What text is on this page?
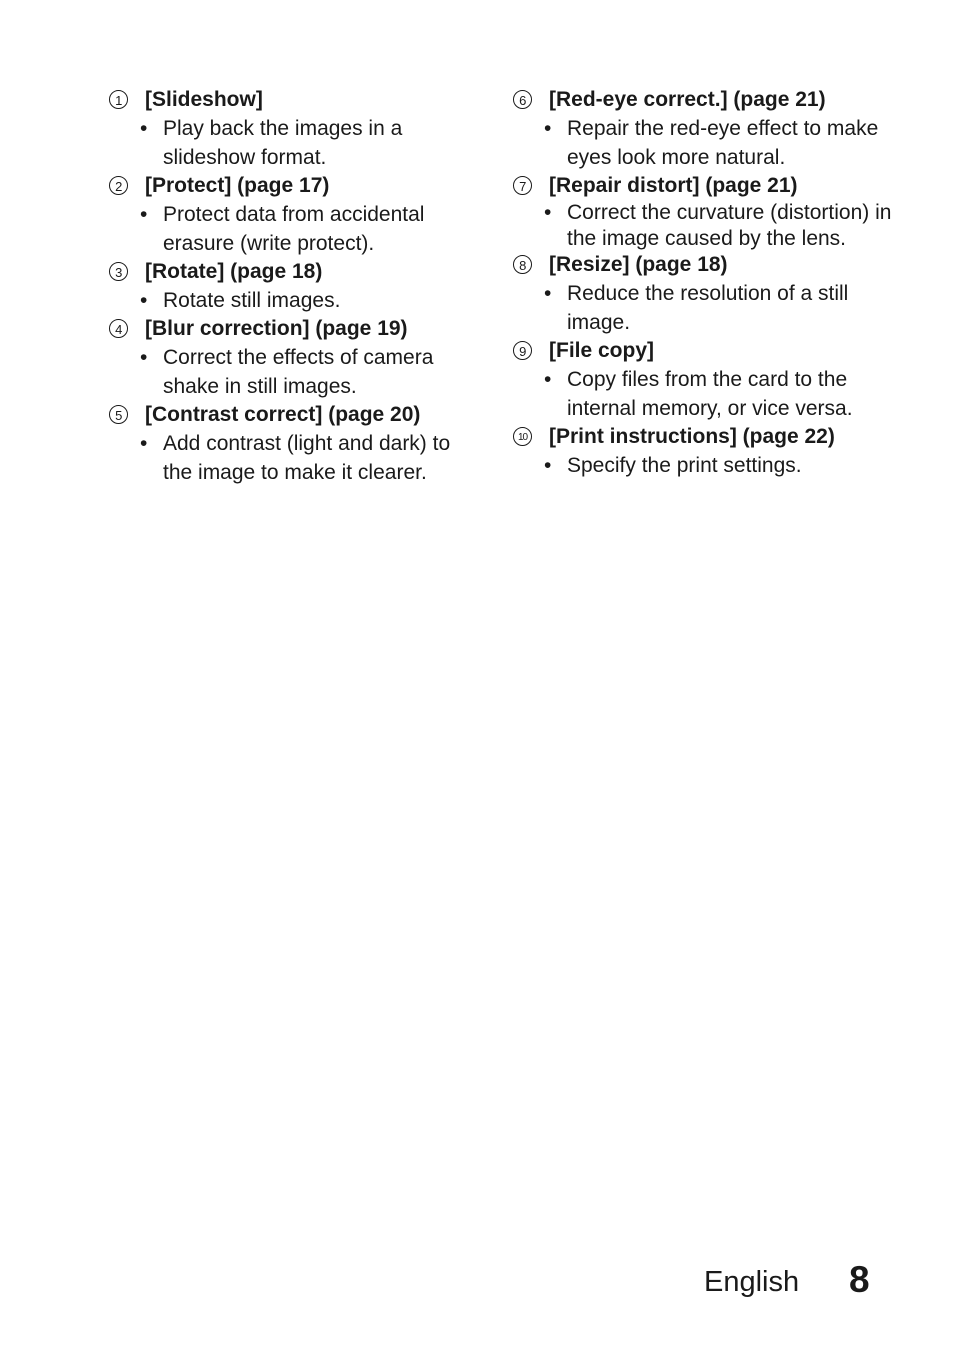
1 [Slideshow]
• Play back the images in a slideshow format.
2 [Protect] (page 17)
• Protect data from accidental erasure (write protect).
3 [Rotate] (page 18)
• Rotate still images.
4 [Blur correction] (page 19)
• Correct the effects of camera shake in still images.
5 [Contrast correct] (page 20)
• Add contrast (light and dark) to the image to make it clearer.
6 [Red-eye correct.] (page 21)
• Repair the red-eye effect to make eyes look more natural.
7 [Repair distort] (page 21)
• Correct the curvature (distortion) in the image caused by the lens.
8 [Resize] (page 18)
• Reduce the resolution of a still image.
9 [File copy]
• Copy files from the card to the internal memory, or vice versa.
10 [Print instructions] (page 22)
• Specify the print settings.
English 8
